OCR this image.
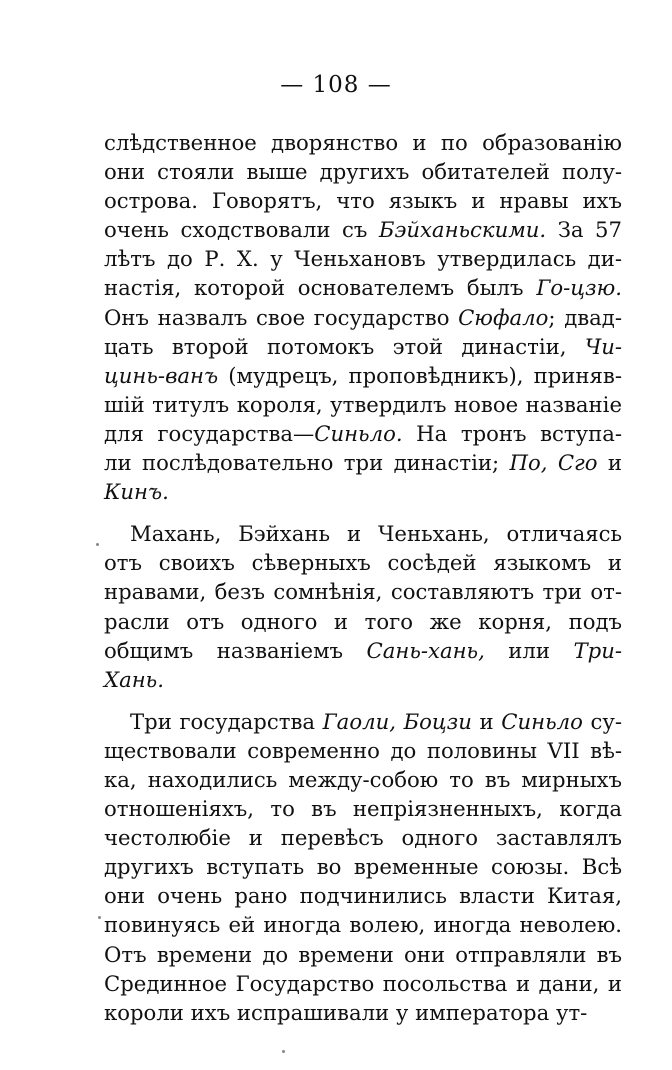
— 108 —
слѣдственное дворянство и по образованію
они стояли выше другихъ обитателей полу-
острова. Говорятъ, что языкъ и нравы ихъ
очень сходствовали съ Бэйханьскими. За 57
лѣтъ до Р. Х. у Ченьхановъ утвердилась ди-
настія, которой основателемъ былъ Го-цзю.
Онъ назвалъ свое государство Сюфало; двад-
цать второй потомокъ этой династіи, Чи-
цинь-ванъ (мудрецъ, проповѣдникъ), приняв-
шій титулъ короля, утвердилъ новое названіе
для государства—Синьло. На тронъ вступа-
ли послѣдовательно три династіи; По, Сго и
Кинъ.
Махань, Бэйхань и Ченьхань, отличаясь
отъ своихъ сѣверныхъ сосѣдей языкомъ и
нравами, безъ сомнѣнія, составляютъ три от-
расли отъ одного и того же корня, подъ
общимъ названіемъ Сань-хань, или Три-
Хань.
Три государства Гаоли, Боцзи и Синьло су-
ществовали современно до половины VII вѣ-
ка, находились между-собою то въ мирныхъ
отношеніяхъ, то въ непріязненныхъ, когда
честолюбіе и перевѣсъ одного заставлялъ
другихъ вступать во временные союзы. Всѣ
они очень рано подчинились власти Китая,
повинуясь ей иногда волею, иногда неволею.
Отъ времени до времени они отправляли въ
Срединное Государство посольства и дани, и
короли ихъ испрашивали у императора ут-
